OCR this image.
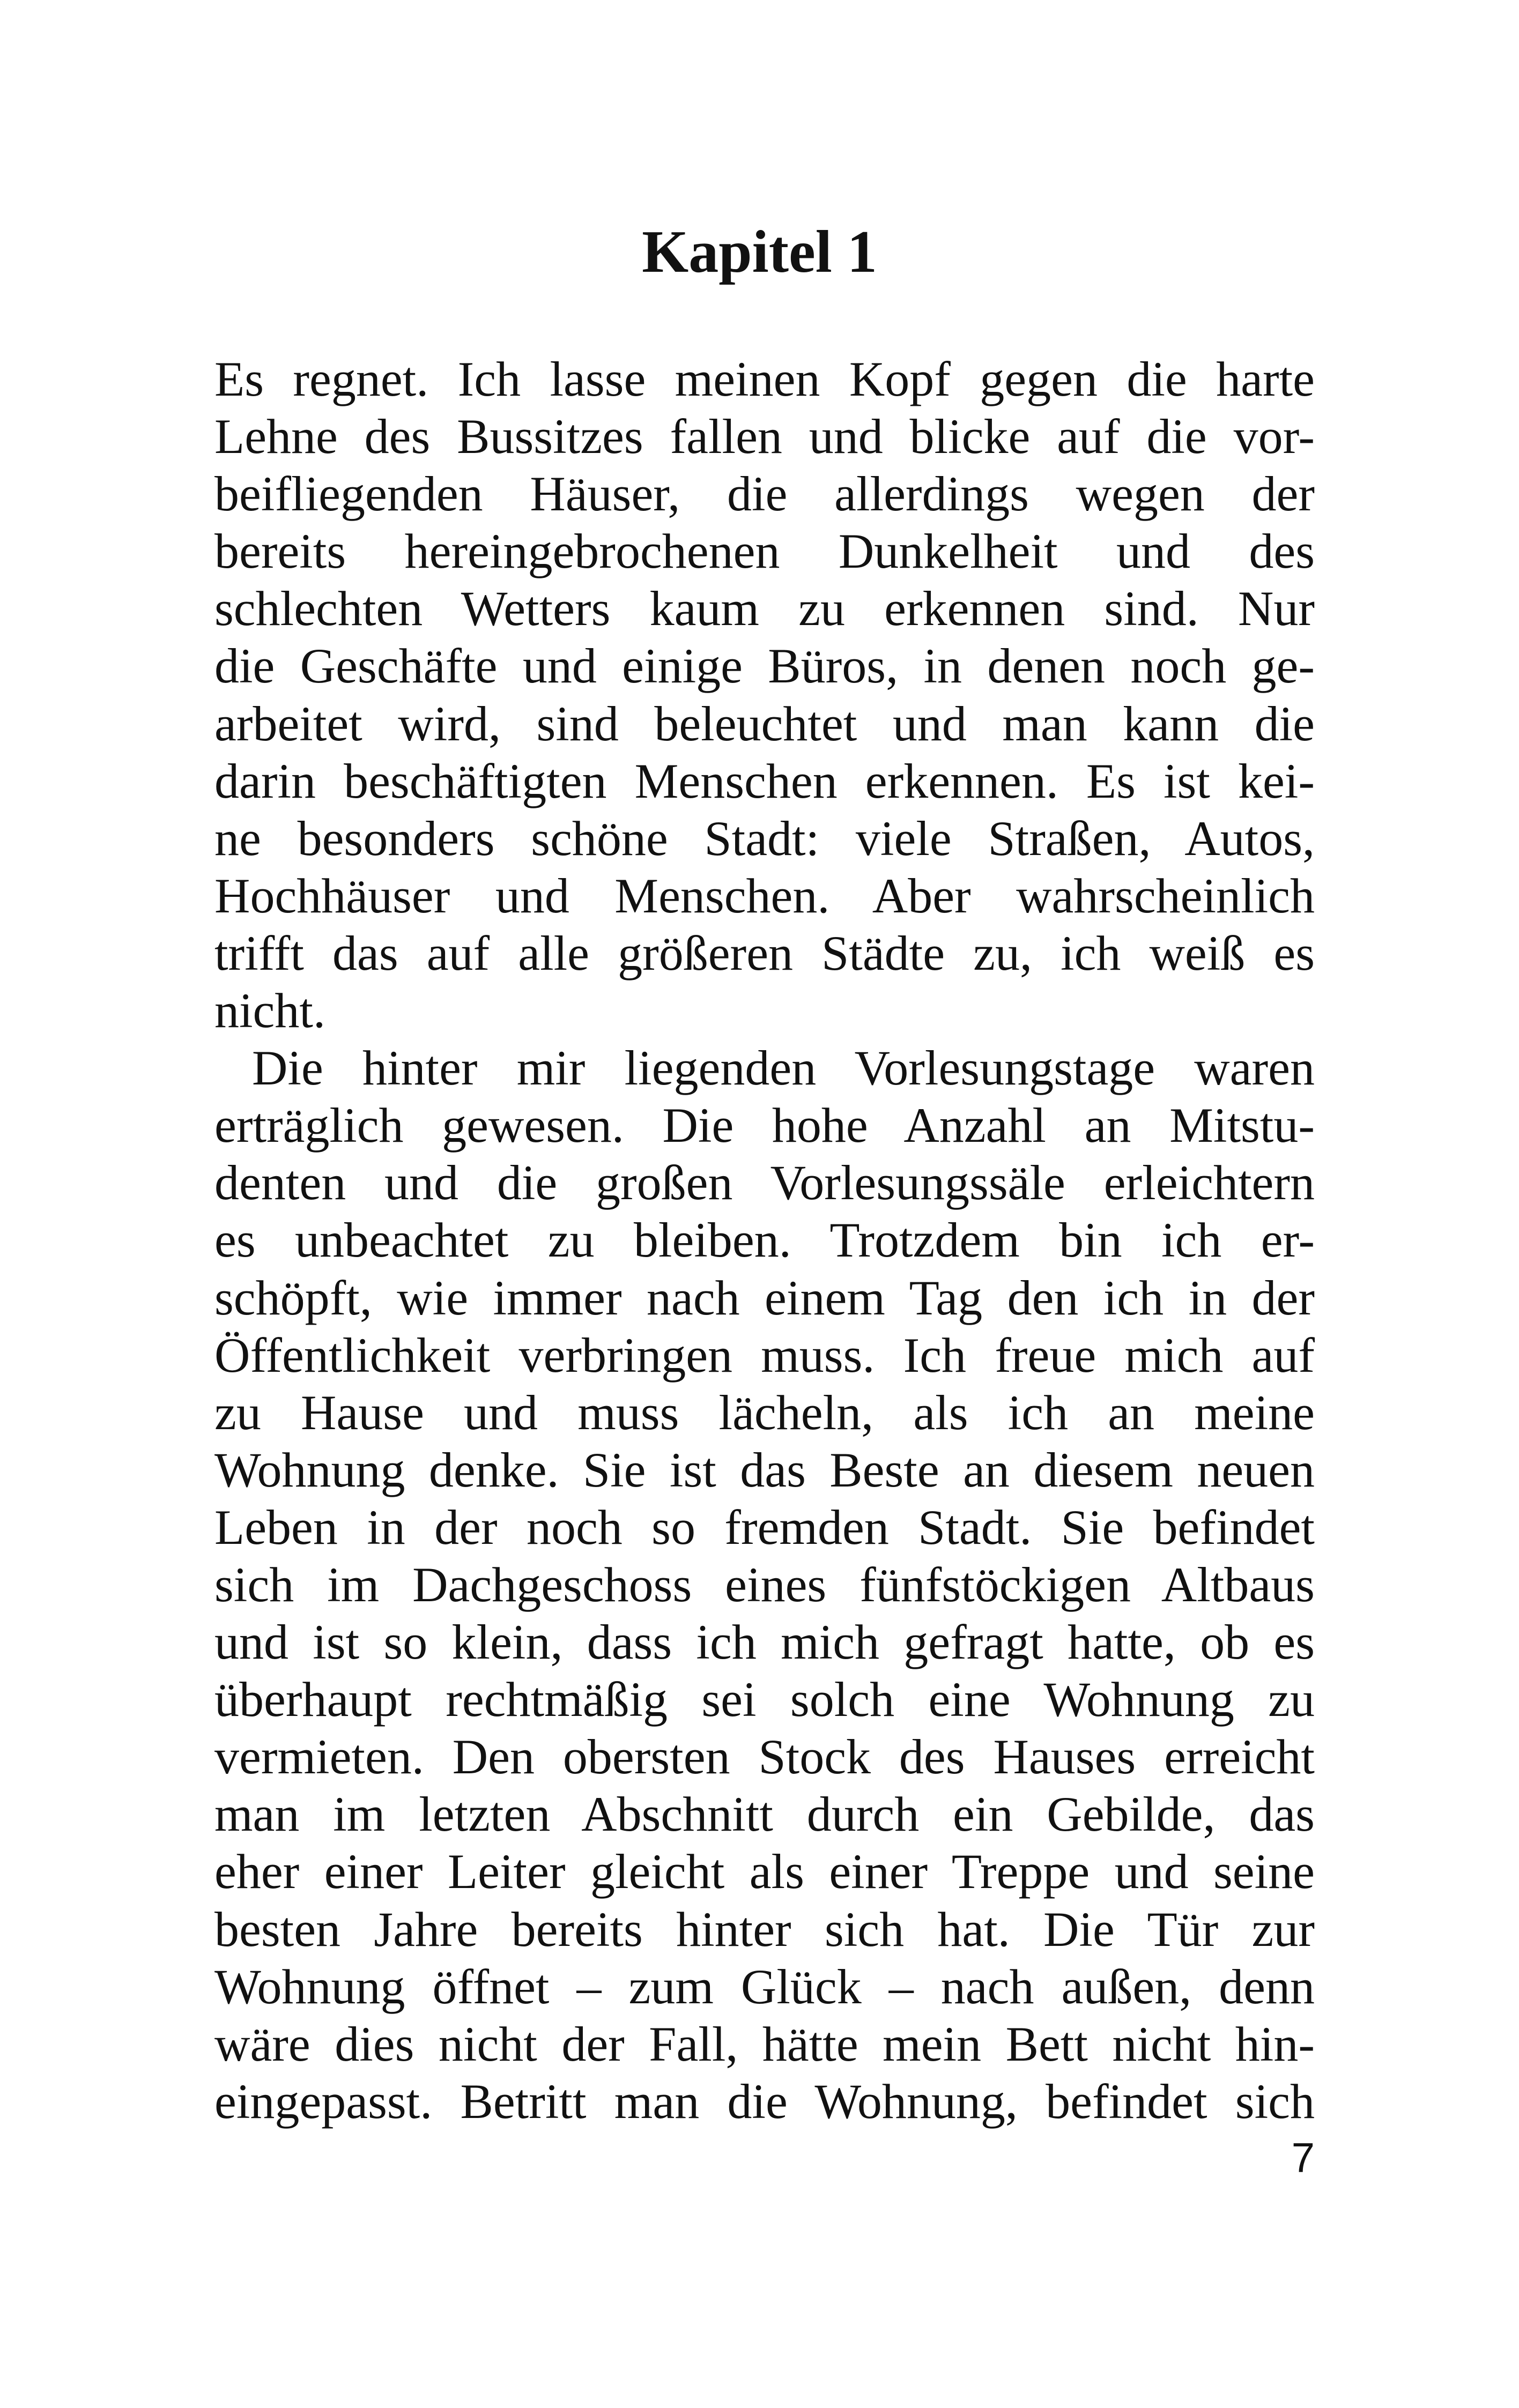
Kapitel 1
Es regnet. Ich lasse meinen Kopf gegen die harte
Lehne des Bussitzes fallen und blicke auf die vor-
beifliegenden Häuser, die allerdings wegen der
bereits hereingebrochenen Dunkelheit und des
schlechten Wetters kaum zu erkennen sind. Nur
die Geschäfte und einige Büros, in denen noch ge-
arbeitet wird, sind beleuchtet und man kann die
darin beschäftigten Menschen erkennen. Es ist kei-
ne besonders schöne Stadt: viele Straßen, Autos,
Hochhäuser und Menschen. Aber wahrscheinlich
trifft das auf alle größeren Städte zu, ich weiß es
nicht.
Die hinter mir liegenden Vorlesungstage waren
erträglich gewesen. Die hohe Anzahl an Mitstu-
denten und die großen Vorlesungssäle erleichtern
es unbeachtet zu bleiben. Trotzdem bin ich er-
schöpft, wie immer nach einem Tag den ich in der
Öffentlichkeit verbringen muss. Ich freue mich auf
zu Hause und muss lächeln, als ich an meine
Wohnung denke. Sie ist das Beste an diesem neuen
Leben in der noch so fremden Stadt. Sie befindet
sich im Dachgeschoss eines fünfstöckigen Altbaus
und ist so klein, dass ich mich gefragt hatte, ob es
überhaupt rechtmäßig sei solch eine Wohnung zu
vermieten. Den obersten Stock des Hauses erreicht
man im letzten Abschnitt durch ein Gebilde, das
eher einer Leiter gleicht als einer Treppe und seine
besten Jahre bereits hinter sich hat. Die Tür zur
Wohnung öffnet – zum Glück – nach außen, denn
wäre dies nicht der Fall, hätte mein Bett nicht hin-
eingepasst. Betritt man die Wohnung, befindet sich
7
